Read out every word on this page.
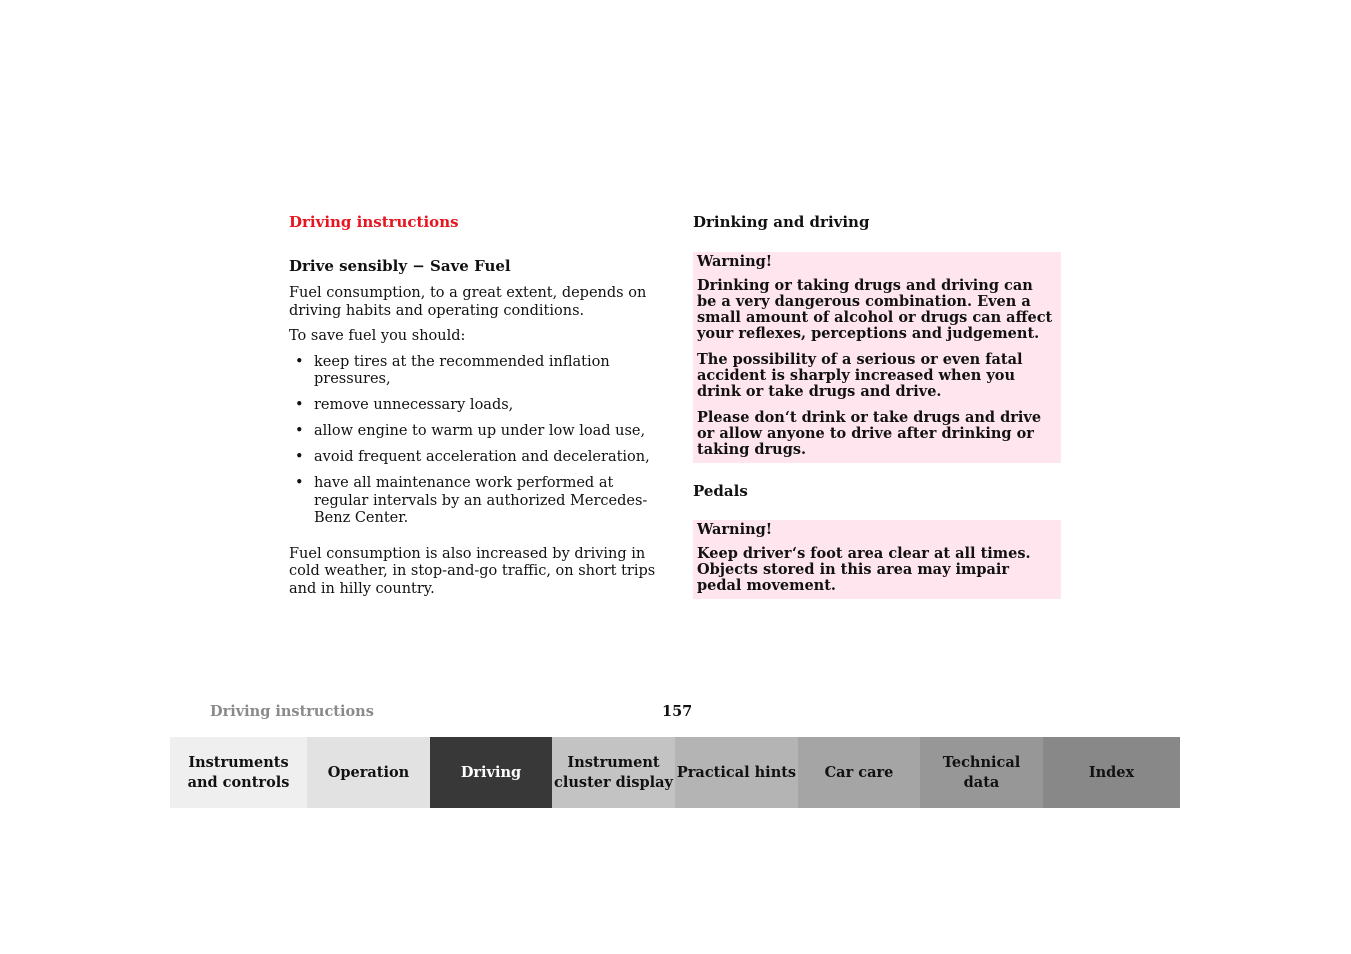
Driving instructions
Drive sensibly − Save Fuel

Fuel consumption, to a great extent, depends on driving habits and operating conditions.

To save fuel you should:

• keep tires at the recommended inflation pressures,
• remove unnecessary loads,
• allow engine to warm up under low load use,
• avoid frequent acceleration and deceleration,
• have all maintenance work performed at regular intervals by an authorized Mercedes-Benz Center.

Fuel consumption is also increased by driving in cold weather, in stop-and-go traffic, on short trips and in hilly country.

Drinking and driving

Warning!

Drinking or taking drugs and driving can be a very dangerous combination. Even a small amount of alcohol or drugs can affect your reflexes, perceptions and judgement.

The possibility of a serious or even fatal accident is sharply increased when you drink or take drugs and drive.

Please don‘t drink or take drugs and drive or allow anyone to drive after drinking or taking drugs.

Pedals

Warning!

Keep driver‘s foot area clear at all times. Objects stored in this area may impair pedal movement.

Driving instructions	157
Instruments
and controls
Operation	Driving
Instrument
cluster display
Practical hints Car care
Technical
data
Index
